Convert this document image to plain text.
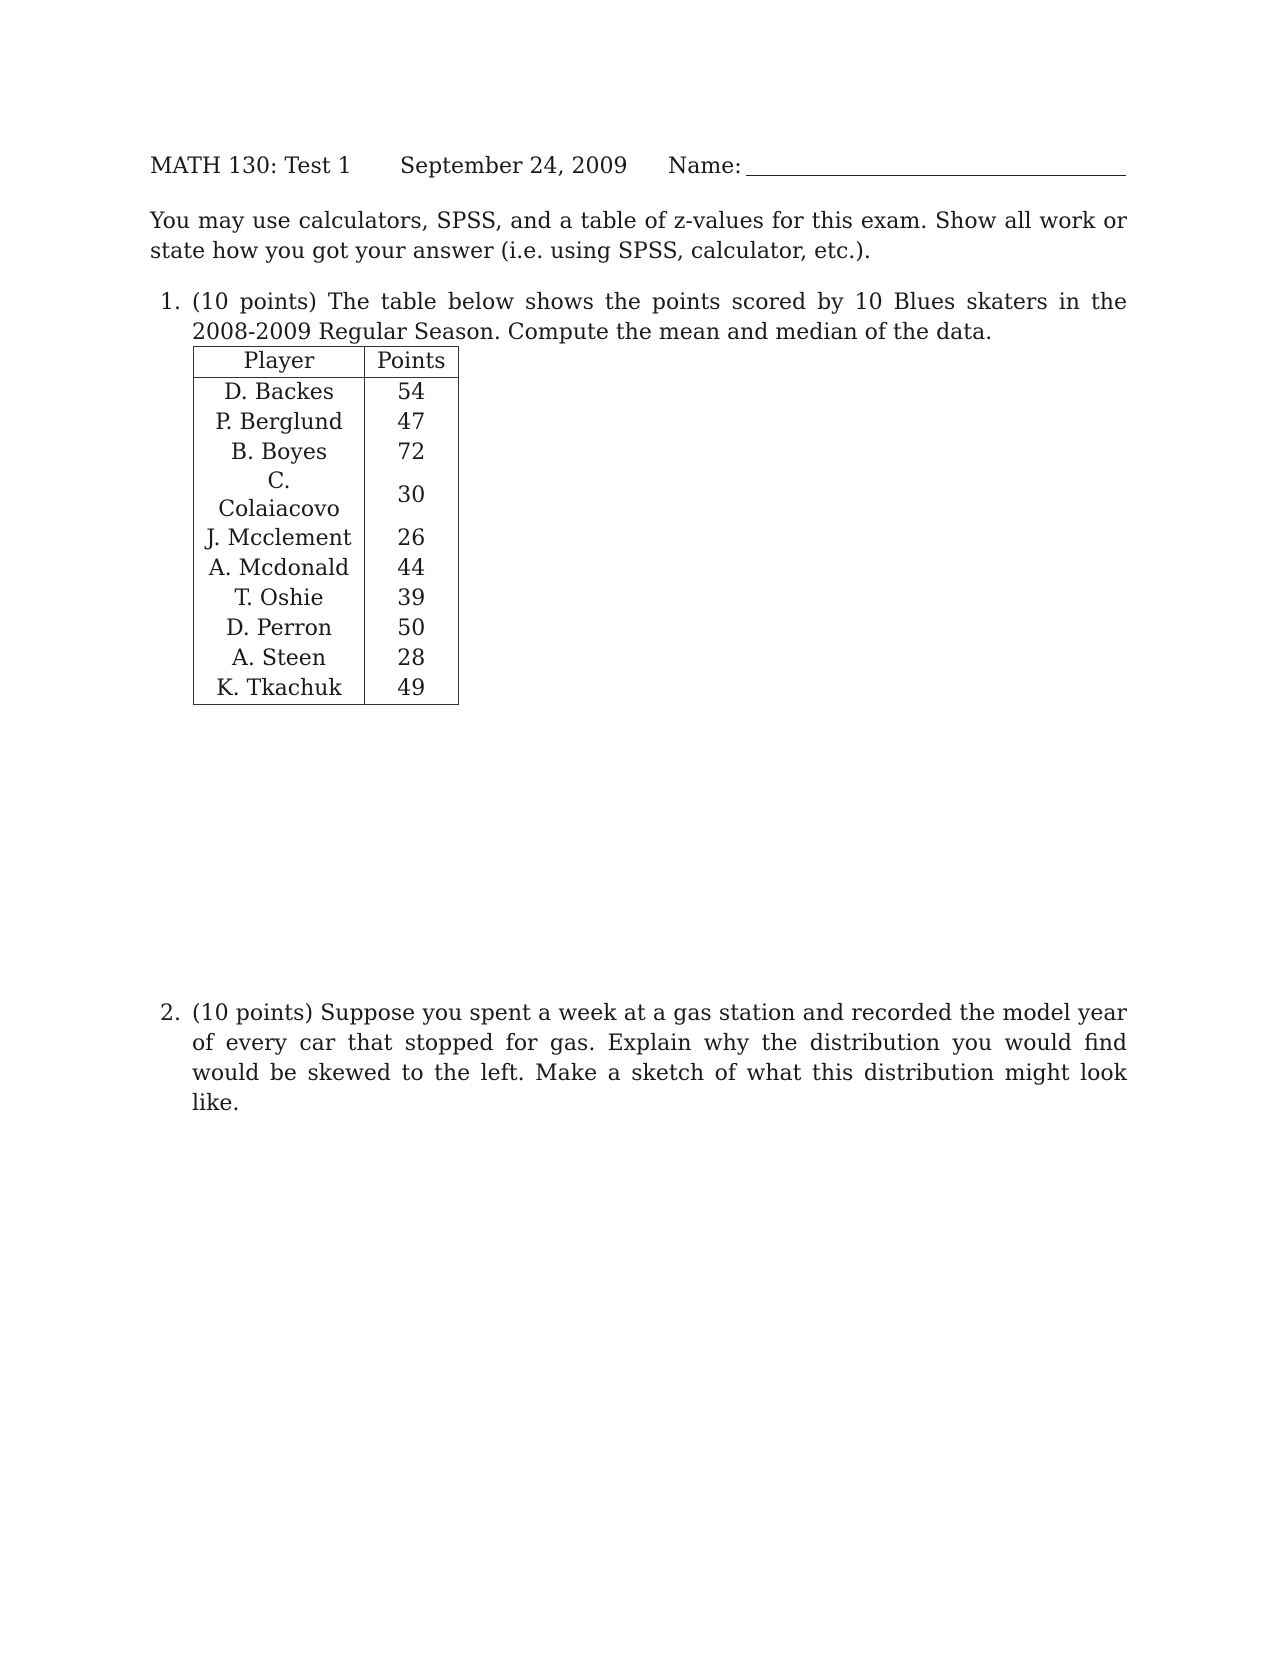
MATH 130: Test 1 September 24, 2009 Name:
You may use calculators, SPSS, and a table of z-values for this exam. Show all work or state how you got your answer (i.e. using SPSS, calculator, etc.).
1. (10 points) The table below shows the points scored by 10 Blues skaters in the 2008-2009 Regular Season. Compute the mean and median of the data.
Player	Points
D. Backes	54
P. Berglund	47
B. Boyes	72
C. Colaiacovo	30
J. Mcclement	26
A. Mcdonald	44
T. Oshie	39
D. Perron	50
A. Steen	28
K. Tkachuk	49
2. (10 points) Suppose you spent a week at a gas station and recorded the model year of every car that stopped for gas. Explain why the distribution you would find would be skewed to the left. Make a sketch of what this distribution might look like.
